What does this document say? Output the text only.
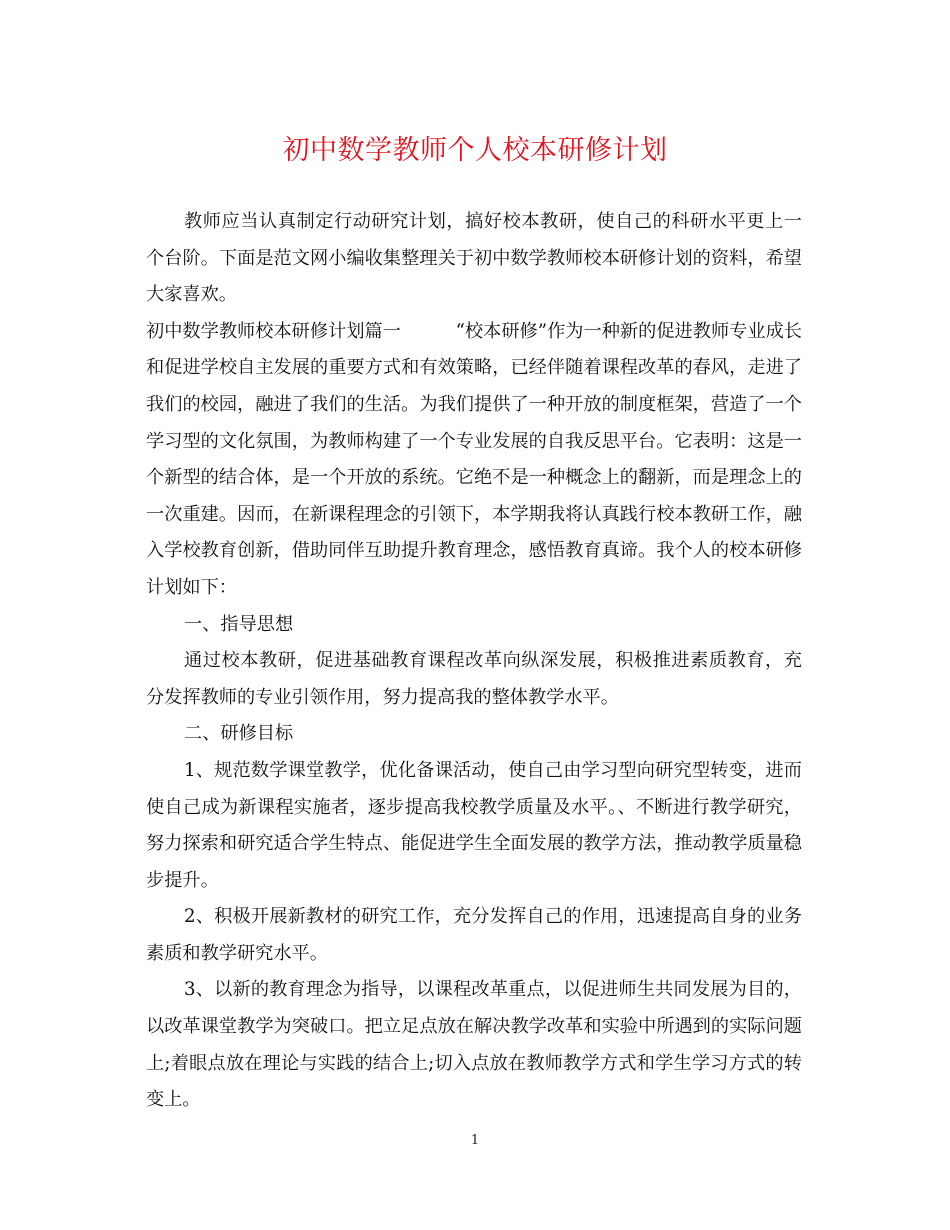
初中数学教师个人校本研修计划

教师应当认真制定行动研究计划，搞好校本教研，使自己的科研水平更上一个台阶。下面是范文网小编收集整理关于初中数学教师校本研修计划的资料，希望大家喜欢。

初中数学教师校本研修计划篇一　　　“校本研修”作为一种新的促进教师专业成长和促进学校自主发展的重要方式和有效策略，已经伴随着课程改革的春风，走进了我们的校园，融进了我们的生活。为我们提供了一种开放的制度框架，营造了一个学习型的文化氛围，为教师构建了一个专业发展的自我反思平台。它表明：这是一个新型的结合体，是一个开放的系统。它绝不是一种概念上的翻新，而是理念上的一次重建。因而，在新课程理念的引领下，本学期我将认真践行校本教研工作，融入学校教育创新，借助同伴互助提升教育理念，感悟教育真谛。我个人的校本研修计划如下：

一、指导思想

通过校本教研，促进基础教育课程改革向纵深发展，积极推进素质教育，充分发挥教师的专业引领作用，努力提高我的整体教学水平。

二、研修目标

1、规范数学课堂教学，优化备课活动，使自己由学习型向研究型转变，进而使自己成为新课程实施者，逐步提高我校教学质量及水平。、不断进行教学研究，努力探索和研究适合学生特点、能促进学生全面发展的教学方法，推动教学质量稳步提升。

2、积极开展新教材的研究工作，充分发挥自己的作用，迅速提高自身的业务素质和教学研究水平。

3、以新的教育理念为指导，以课程改革重点，以促进师生共同发展为目的，以改革课堂教学为突破口。把立足点放在解决教学改革和实验中所遇到的实际问题上;着眼点放在理论与实践的结合上;切入点放在教师教学方式和学生学习方式的转变上。

1
